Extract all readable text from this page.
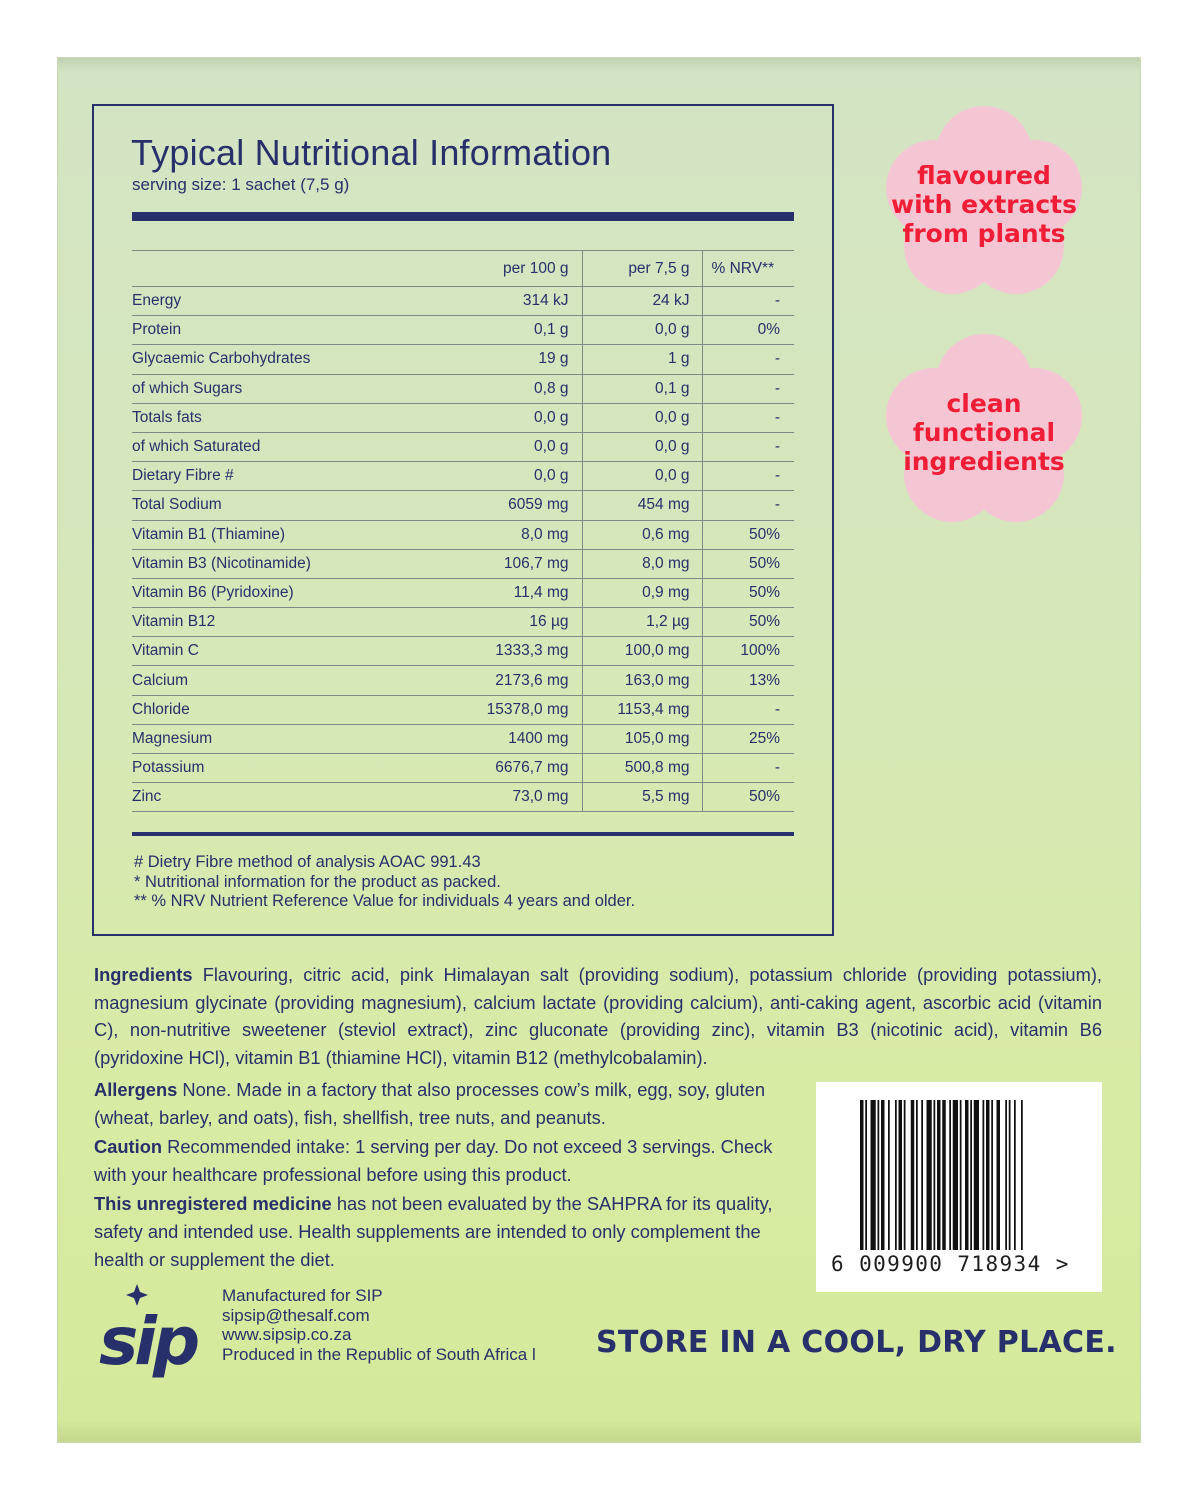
Typical Nutritional Information
serving size: 1 sachet (7,5 g)
	per 100 g	per 7,5 g	% NRV**
Energy	314 kJ	24 kJ	-
Protein	0,1 g	0,0 g	0%
Glycaemic Carbohydrates	19 g	1 g	-
of which Sugars	0,8 g	0,1 g	-
Totals fats	0,0 g	0,0 g	-
of which Saturated	0,0 g	0,0 g	-
Dietary Fibre #	0,0 g	0,0 g	-
Total Sodium	6059 mg	454 mg	-
Vitamin B1 (Thiamine)	8,0 mg	0,6 mg	50%
Vitamin B3 (Nicotinamide)	106,7 mg	8,0 mg	50%
Vitamin B6 (Pyridoxine)	11,4 mg	0,9 mg	50%
Vitamin B12	16 µg	1,2 µg	50%
Vitamin C	1333,3 mg	100,0 mg	100%
Calcium	2173,6 mg	163,0 mg	13%
Chloride	15378,0 mg	1153,4 mg	-
Magnesium	1400 mg	105,0 mg	25%
Potassium	6676,7 mg	500,8 mg	-
Zinc	73,0 mg	5,5 mg	50%
# Dietry Fibre method of analysis AOAC 991.43
* Nutritional information for the product as packed.
** % NRV Nutrient Reference Value for individuals 4 years and older.
flavoured
with extracts
from plants
clean
functional
ingredients
Ingredients Flavouring, citric acid, pink Himalayan salt (providing sodium), potassium chloride (providing potassium), magnesium glycinate (providing magnesium), calcium lactate (providing calcium), anti-caking agent, ascorbic acid (vitamin C), non-nutritive sweetener (steviol extract), zinc gluconate (providing zinc), vitamin B3 (nicotinic acid), vitamin B6 (pyridoxine HCl), vitamin B1 (thiamine HCl), vitamin B12 (methylcobalamin).

Allergens None. Made in a factory that also processes cow’s milk, egg, soy, gluten (wheat, barley, and oats), fish, shellfish, tree nuts, and peanuts.

Caution Recommended intake: 1 serving per day. Do not exceed 3 servings. Check with your healthcare professional before using this product.

This unregistered medicine has not been evaluated by the SAHPRA for its quality, safety and intended use. Health supplements are intended to only complement the health or supplement the diet.	6 009900 718934 >
sip
Manufactured for SIP
sipsip@thesalf.com
www.sipsip.co.za
Produced in the Republic of South Africa l STORE IN A COOL, DRY PLACE.
